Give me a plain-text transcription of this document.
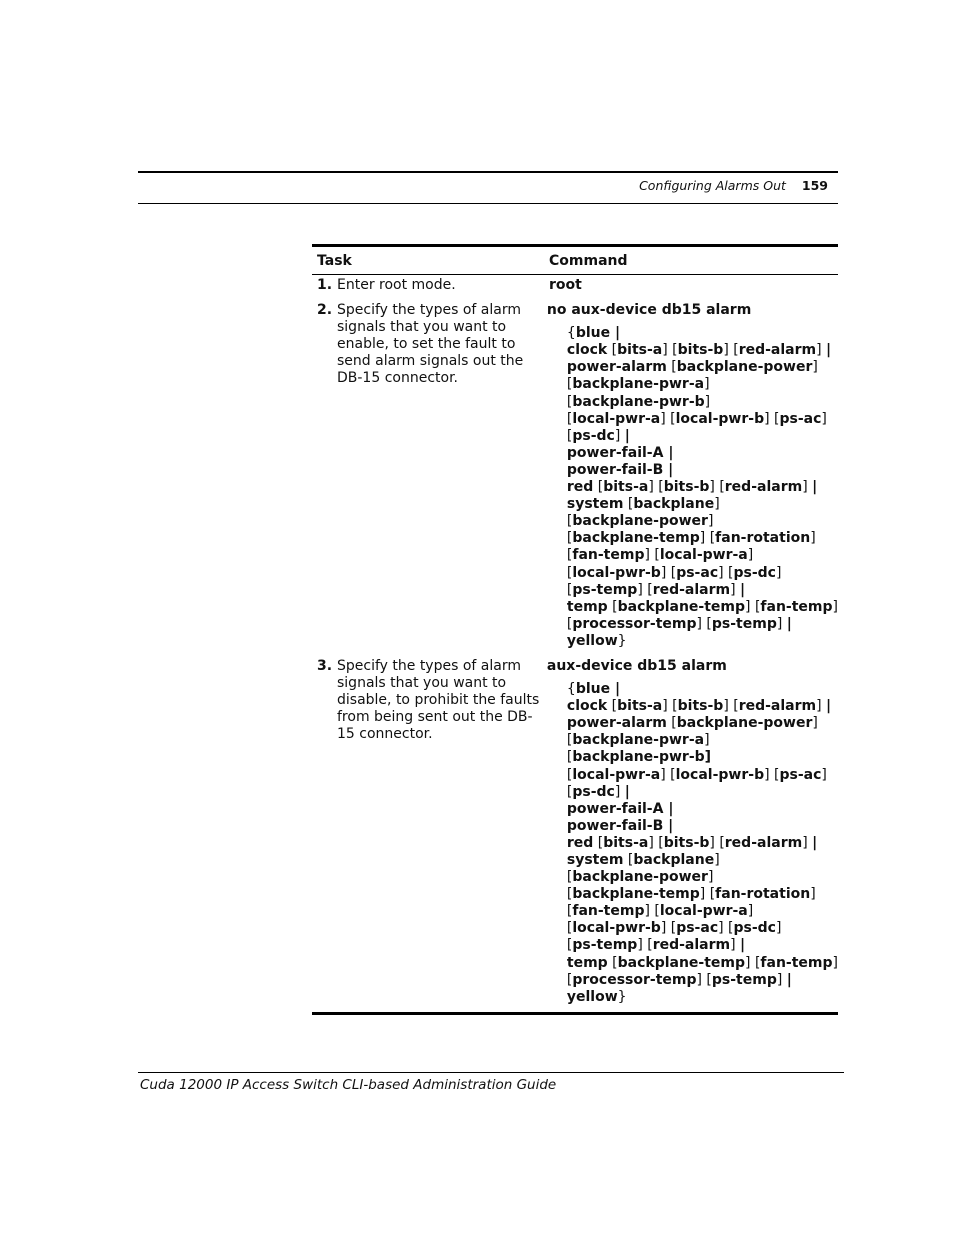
Configuring Alarms Out 159
Task	Command
1. Enter root mode.	root
2. Specify the types of alarm signals that you want to enable, to set the fault to send alarm signals out the DB-15 connector.
no aux-device db15 alarm
{blue |
clock [bits-a] [bits-b] [red-alarm] |
power-alarm [backplane-power]
[backplane-pwr-a]
[backplane-pwr-b]
[local-pwr-a] [local-pwr-b] [ps-ac]
[ps-dc] |
power-fail-A |
power-fail-B |
red [bits-a] [bits-b] [red-alarm] |
system [backplane]
[backplane-power]
[backplane-temp] [fan-rotation]
[fan-temp] [local-pwr-a]
[local-pwr-b] [ps-ac] [ps-dc]
[ps-temp] [red-alarm] |
temp [backplane-temp] [fan-temp]
[processor-temp] [ps-temp] |
yellow}
3. Specify the types of alarm signals that you want to disable, to prohibit the faults from being sent out the DB-15 connector.
aux-device db15 alarm
{blue |
clock [bits-a] [bits-b] [red-alarm] |
power-alarm [backplane-power]
[backplane-pwr-a]
[backplane-pwr-b]
[local-pwr-a] [local-pwr-b] [ps-ac]
[ps-dc] |
power-fail-A |
power-fail-B |
red [bits-a] [bits-b] [red-alarm] |
system [backplane]
[backplane-power]
[backplane-temp] [fan-rotation]
[fan-temp] [local-pwr-a]
[local-pwr-b] [ps-ac] [ps-dc]
[ps-temp] [red-alarm] |
temp [backplane-temp] [fan-temp]
[processor-temp] [ps-temp] |
yellow}
Cuda 12000 IP Access Switch CLI-based Administration Guide
